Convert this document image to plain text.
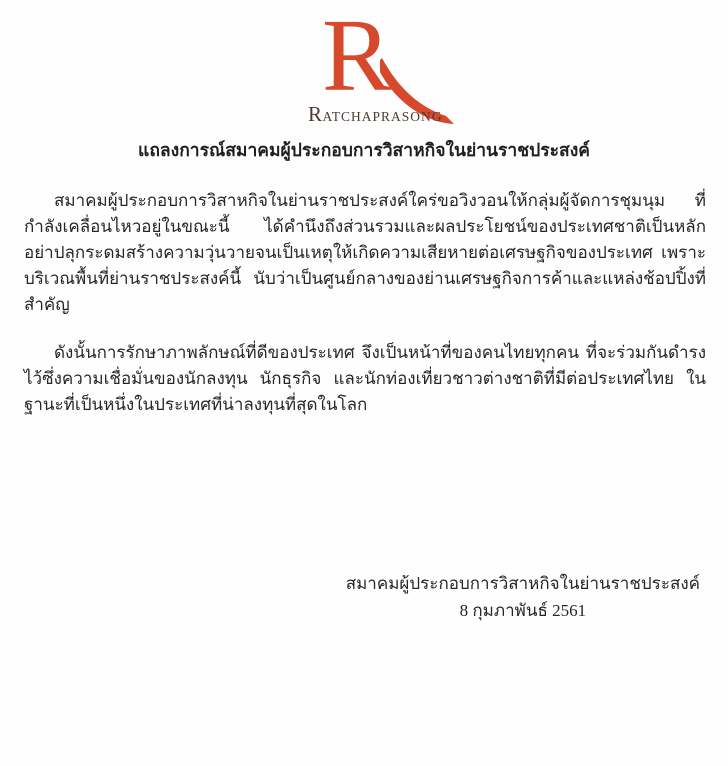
R
RATCHAPRASONG
แถลงการณ์สมาคมผู้ประกอบการวิสาหกิจในย่านราชประสงค์

สมาคมผู้ประกอบการวิสาหกิจในย่านราชประสงค์ใคร่ขอวิงวอนให้กลุ่มผู้จัดการชุมนุม ที่กำลังเคลื่อนไหวอยู่ในขณะนี้ ได้คำนึงถึงส่วนรวมและผลประโยชน์ของประเทศชาติเป็นหลัก อย่าปลุกระดมสร้างความวุ่นวายจนเป็นเหตุให้เกิดความเสียหายต่อเศรษฐกิจของประเทศ เพราะบริเวณพื้นที่ย่านราชประสงค์นี้ นับว่าเป็นศูนย์กลางของย่านเศรษฐกิจการค้าและแหล่งช้อปปิ้งที่สำคัญ

ดังนั้นการรักษาภาพลักษณ์ที่ดีของประเทศ จึงเป็นหน้าที่ของคนไทยทุกคน ที่จะร่วมกันดำรงไว้ซึ่งความเชื่อมั่นของนักลงทุน นักธุรกิจ และนักท่องเที่ยวชาวต่างชาติที่มีต่อประเทศไทย ในฐานะที่เป็นหนึ่งในประเทศที่น่าลงทุนที่สุดในโลก

สมาคมผู้ประกอบการวิสาหกิจในย่านราชประสงค์
8 กุมภาพันธ์ 2561
